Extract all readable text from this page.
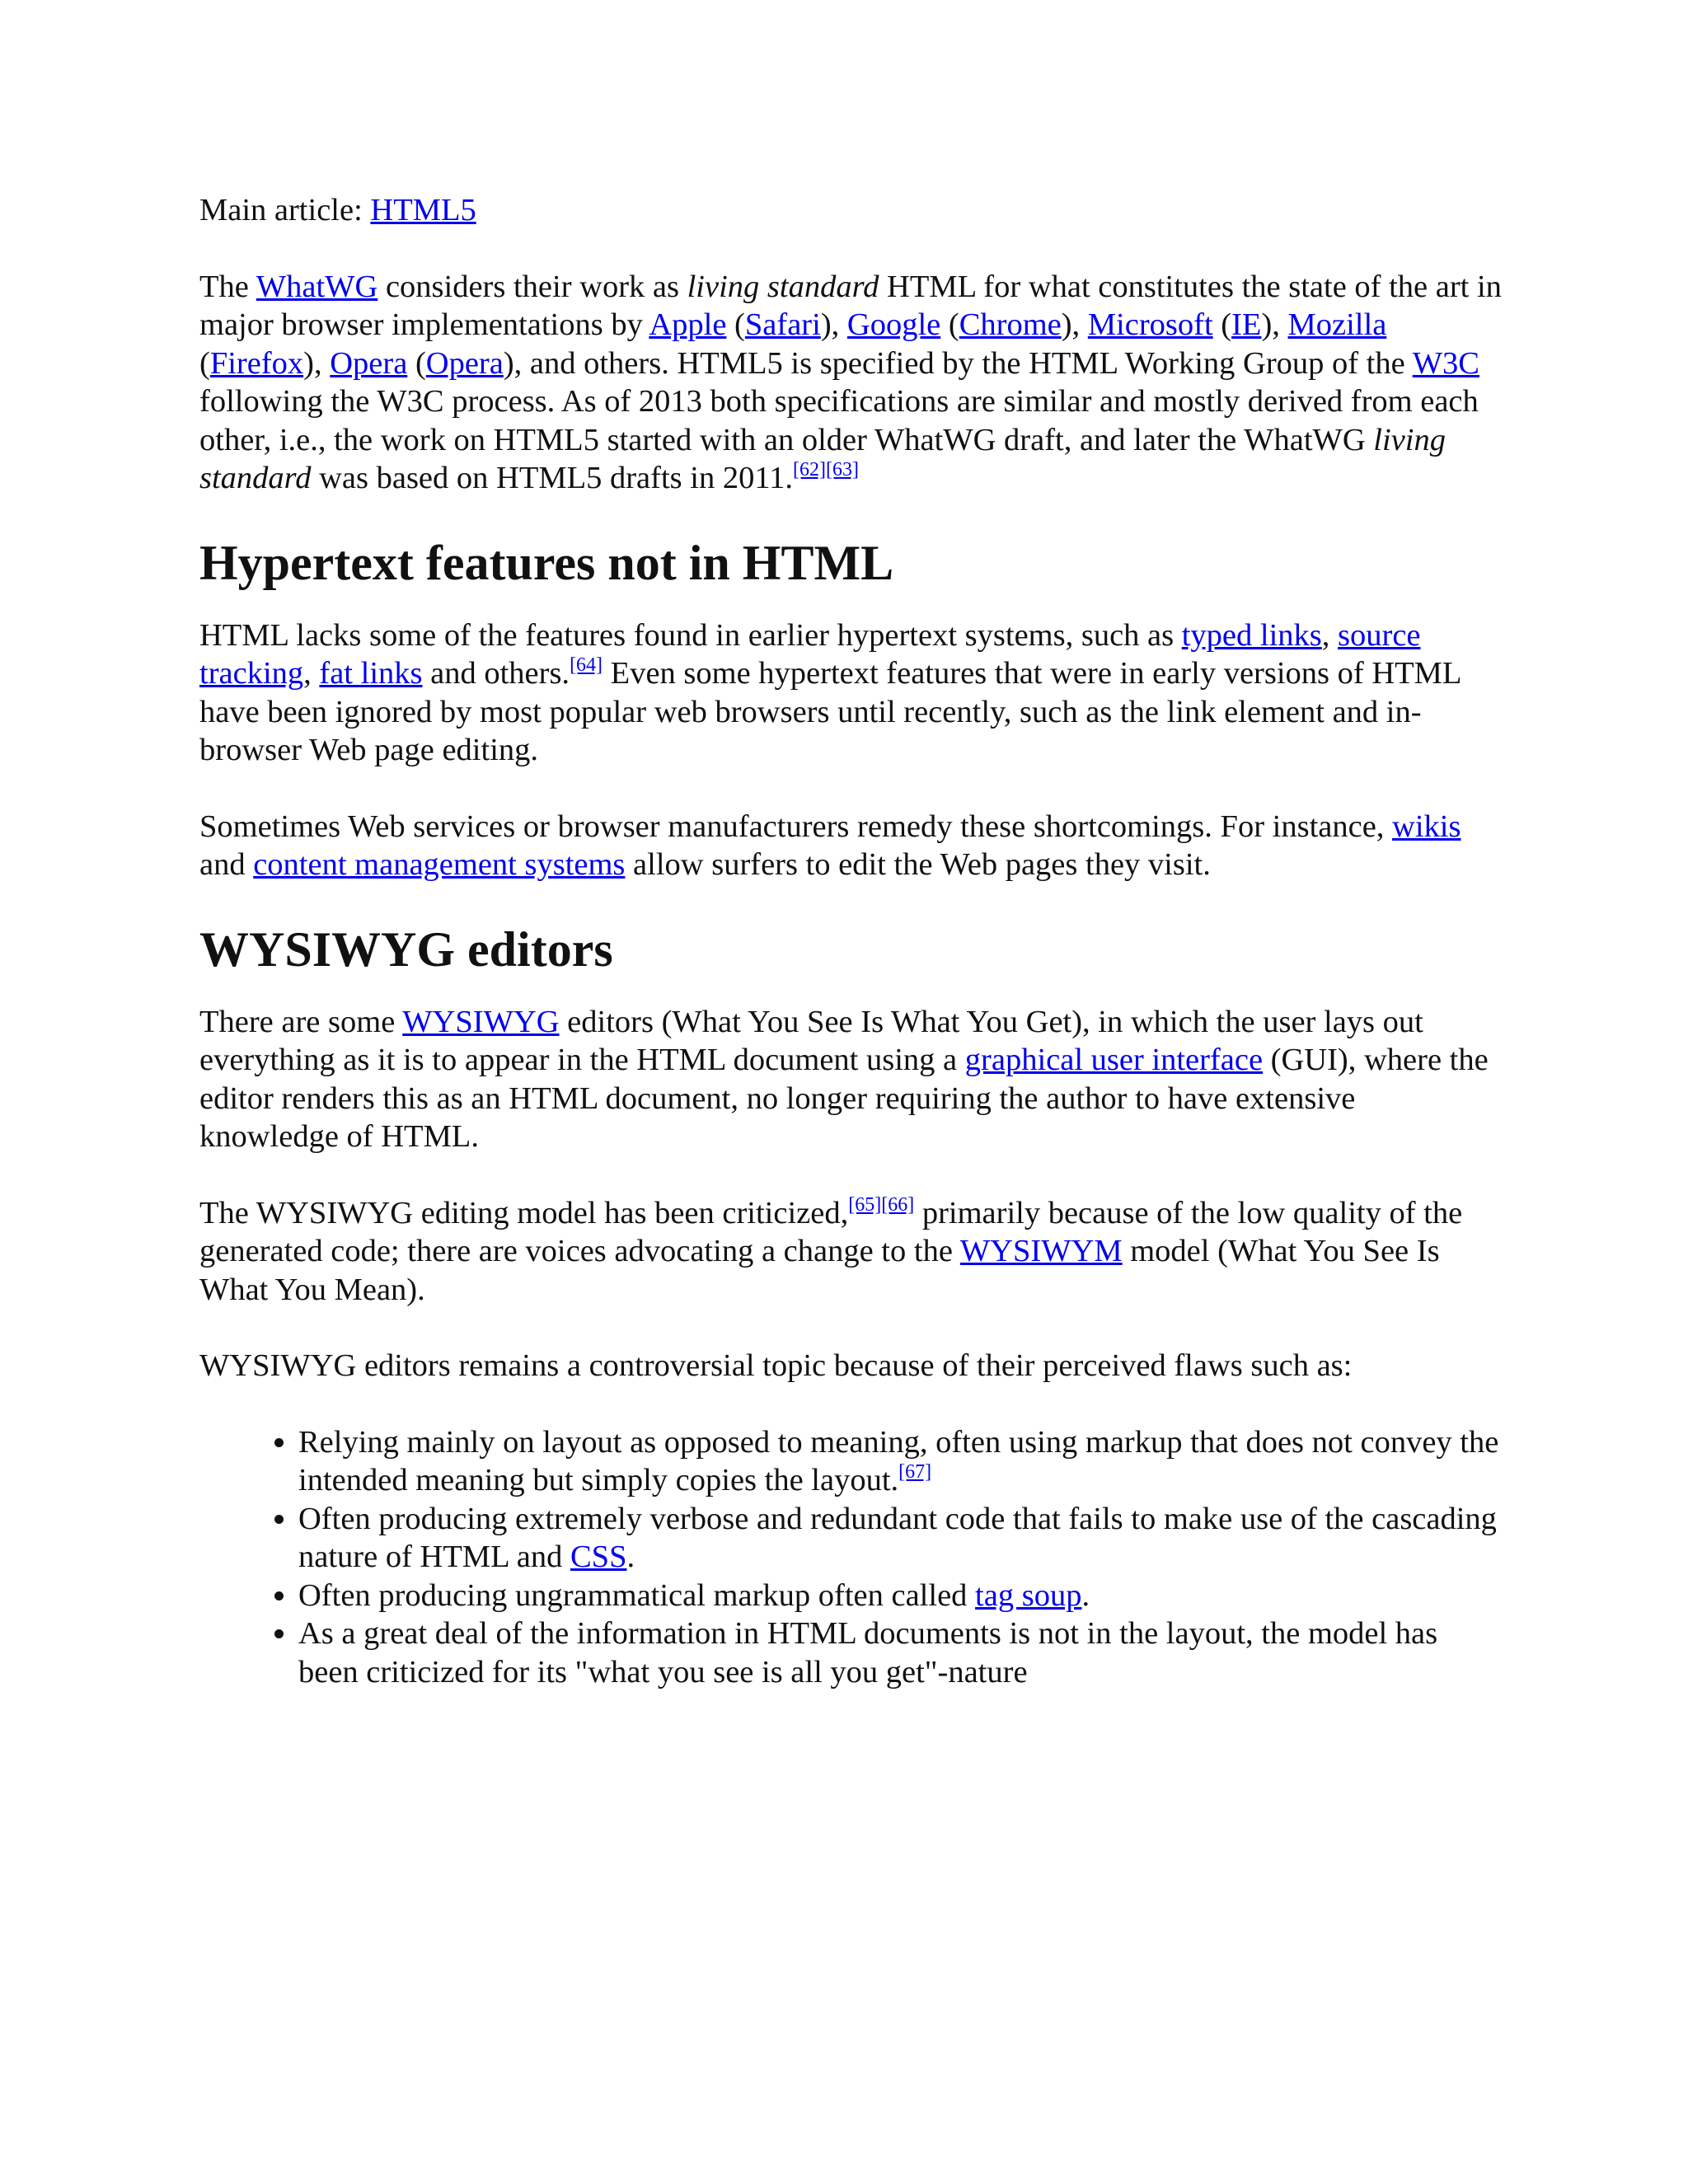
Main article: HTML5

The WhatWG considers their work as living standard HTML for what constitutes the state of the art in major browser implementations by Apple (Safari), Google (Chrome), Microsoft (IE), Mozilla (Firefox), Opera (Opera), and others. HTML5 is specified by the HTML Working Group of the W3C following the W3C process. As of 2013 both specifications are similar and mostly derived from each other, i.e., the work on HTML5 started with an older WhatWG draft, and later the WhatWG living standard was based on HTML5 drafts in 2011.[62][63]

Hypertext features not in HTML

HTML lacks some of the features found in earlier hypertext systems, such as typed links, source tracking, fat links and others.[64] Even some hypertext features that were in early versions of HTML have been ignored by most popular web browsers until recently, such as the link element and in-browser Web page editing.

Sometimes Web services or browser manufacturers remedy these shortcomings. For instance, wikis and content management systems allow surfers to edit the Web pages they visit.

WYSIWYG editors

There are some WYSIWYG editors (What You See Is What You Get), in which the user lays out everything as it is to appear in the HTML document using a graphical user interface (GUI), where the editor renders this as an HTML document, no longer requiring the author to have extensive knowledge of HTML.

The WYSIWYG editing model has been criticized,[65][66] primarily because of the low quality of the generated code; there are voices advocating a change to the WYSIWYM model (What You See Is What You Mean).

WYSIWYG editors remains a controversial topic because of their perceived flaws such as:

• Relying mainly on layout as opposed to meaning, often using markup that does not convey the intended meaning but simply copies the layout.[67]
• Often producing extremely verbose and redundant code that fails to make use of the cascading nature of HTML and CSS.
• Often producing ungrammatical markup often called tag soup.
• As a great deal of the information in HTML documents is not in the layout, the model has been criticized for its "what you see is all you get"-nature
